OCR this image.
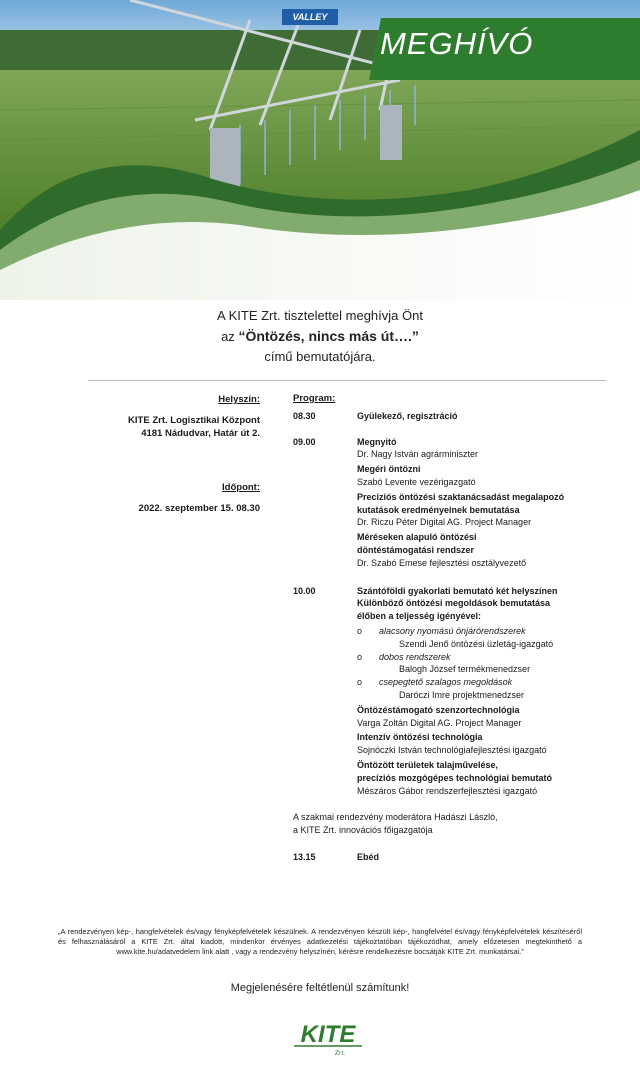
VALLEY
MEGHÍVÓ
A KITE Zrt. tisztelettel meghívja Önt
az “Öntözés, nincs más út….”
című bemutatójára.
Helyszín:
KITE Zrt. Logisztikai Központ
4181 Nádudvar, Határ út 2.
Időpont:
2022. szeptember 15. 08.30
Program:
08.30	Gyülekező, regisztráció
09.00	Megnyitó
Dr. Nagy István agrárminiszter
Megéri öntözni
Szabó Levente vezérigazgató
Precíziós öntözési szaktanácsadást megalapozó
kutatások eredményeinek bemutatása
Dr. Riczu Péter Digital AG. Project Manager
Méréseken alapuló öntözési
döntéstámogatási rendszer
Dr. Szabó Emese fejlesztési osztályvezető
10.00	Szántóföldi gyakorlati bemutató két helyszínen
Különböző öntözési megoldások bemutatása
élőben a teljesség igényével:
o	alacsony nyomású önjárórendszerek
Szendi Jenő öntözési üzletág-igazgató
o	dobos rendszerek
Balogh József termékmenedzser
o	csepegtető szalagos megoldások
Daróczi Imre projektmenedzser
Öntözéstámogató szenzortechnológia
Varga Zoltán Digital AG. Project Manager
Intenzív öntözési technológia
Sojnóczki István technológiafejlesztési igazgató
Öntözött területek talajművelése,
precíziós mozgógépes technológiai bemutató
Mészáros Gábor rendszerfejlesztési igazgató
A szakmai rendezvény moderátora Hadászi László,
a KITE Zrt. innovációs főigazgatója
13.15	Ebéd
„A rendezvényen kép-, hangfelvételek és/vagy fényképfelvételek készülnek. A rendezvényen készült kép-, hangfelvétel és/vagy fényképfelvételek készítéséről és felhasználásáról a KITE Zrt. által kiadott, mindenkor érvényes adatkezelési tájékoztatóban tájékozódhat, amely előzetesen megtekinthető a www.kite.hu/adatvedelem link alatt , vagy a rendezvény helyszínén, kérésre rendelkezésre bocsátják KITE Zrt. munkatársai.”
Megjelenésére feltétlenül számítunk!
KITE
Zrt.
